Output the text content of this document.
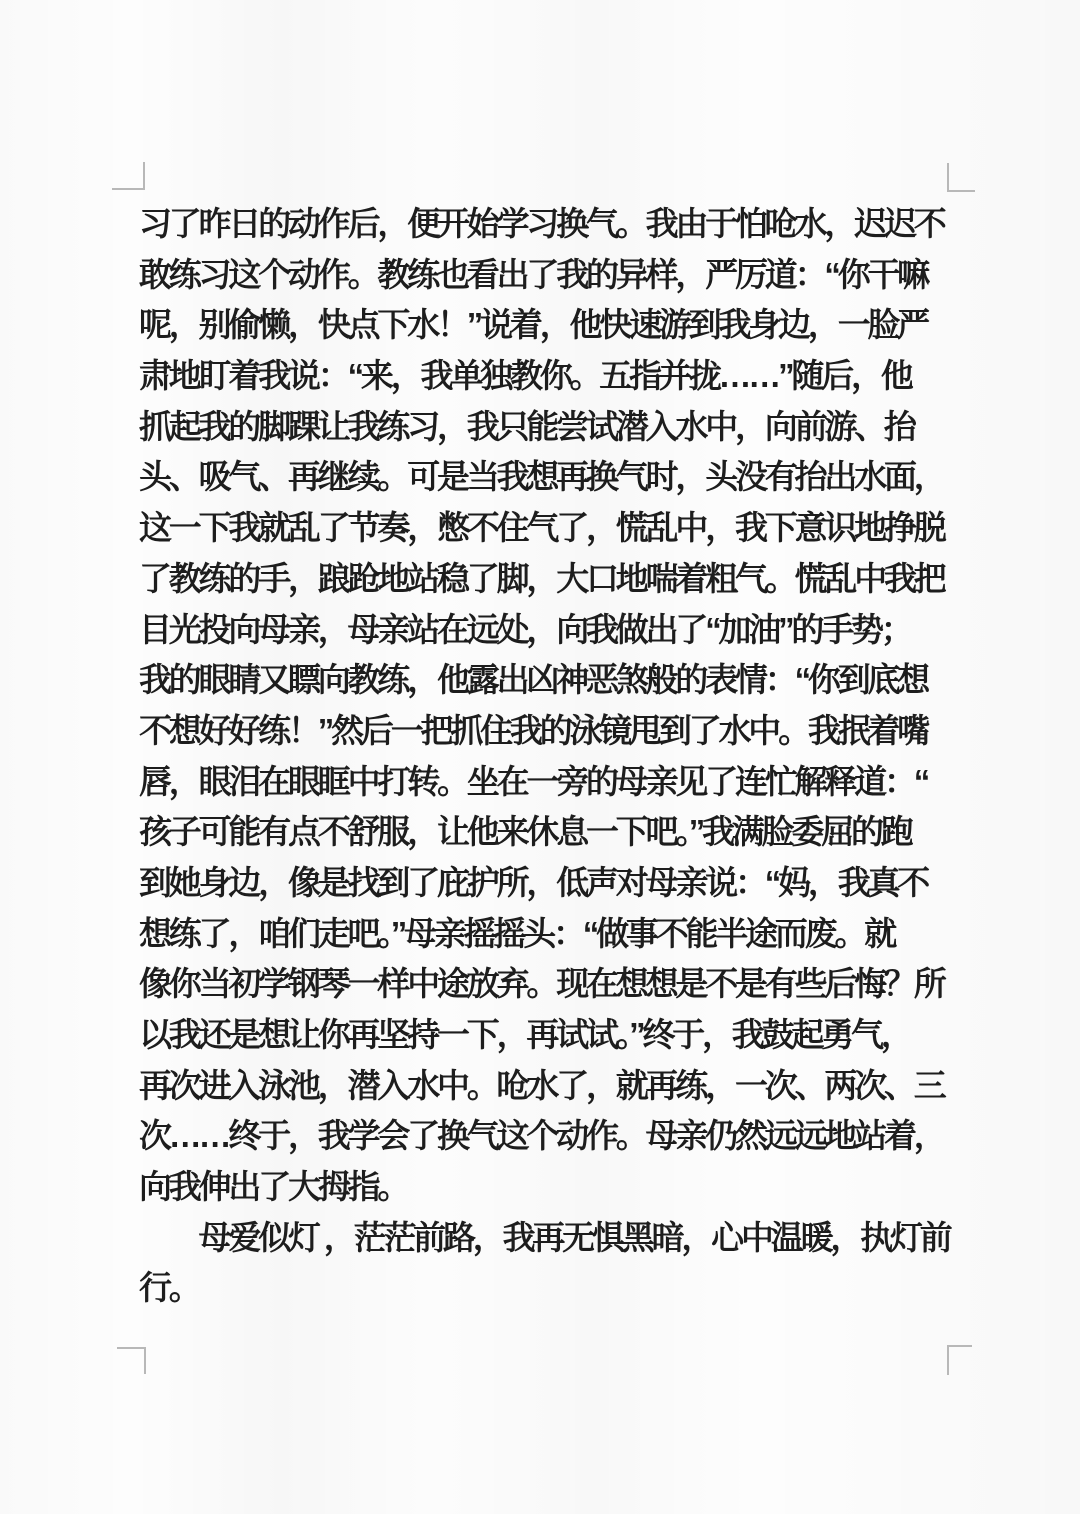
习了昨日的动作后，便开始学习换气。我由于怕呛水，迟迟不
敢练习这个动作。教练也看出了我的异样，严厉道：“你干嘛
呢，别偷懒，快点下水！”说着，他快速游到我身边，一脸严
肃地盯着我说：“来，我单独教你。五指并拢……”随后，他
抓起我的脚踝让我练习，我只能尝试潜入水中，向前游、抬
头、吸气、再继续。可是当我想再换气时，头没有抬出水面，
这一下我就乱了节奏，憋不住气了，慌乱中，我下意识地挣脱
了教练的手，踉跄地站稳了脚，大口地喘着粗气。慌乱中我把
目光投向母亲，母亲站在远处，向我做出了“加油”的手势；
我的眼睛又瞟向教练，他露出凶神恶煞般的表情：“你到底想
不想好好练！”然后一把抓住我的泳镜甩到了水中。我抿着嘴
唇，眼泪在眼眶中打转。坐在一旁的母亲见了连忙解释道：“
孩子可能有点不舒服，让他来休息一下吧。”我满脸委屈的跑
到她身边，像是找到了庇护所，低声对母亲说：“妈，我真不
想练了，咱们走吧。”母亲摇摇头：“做事不能半途而废。就
像你当初学钢琴一样中途放弃。现在想想是不是有些后悔？所
以我还是想让你再坚持一下，再试试。”终于，我鼓起勇气，
再次进入泳池，潜入水中。呛水了，就再练，一次、两次、三
次……终于，我学会了换气这个动作。母亲仍然远远地站着，
向我伸出了大拇指。
　　母爱似灯 ，茫茫前路，我再无惧黑暗，心中温暖，执灯前
行。
